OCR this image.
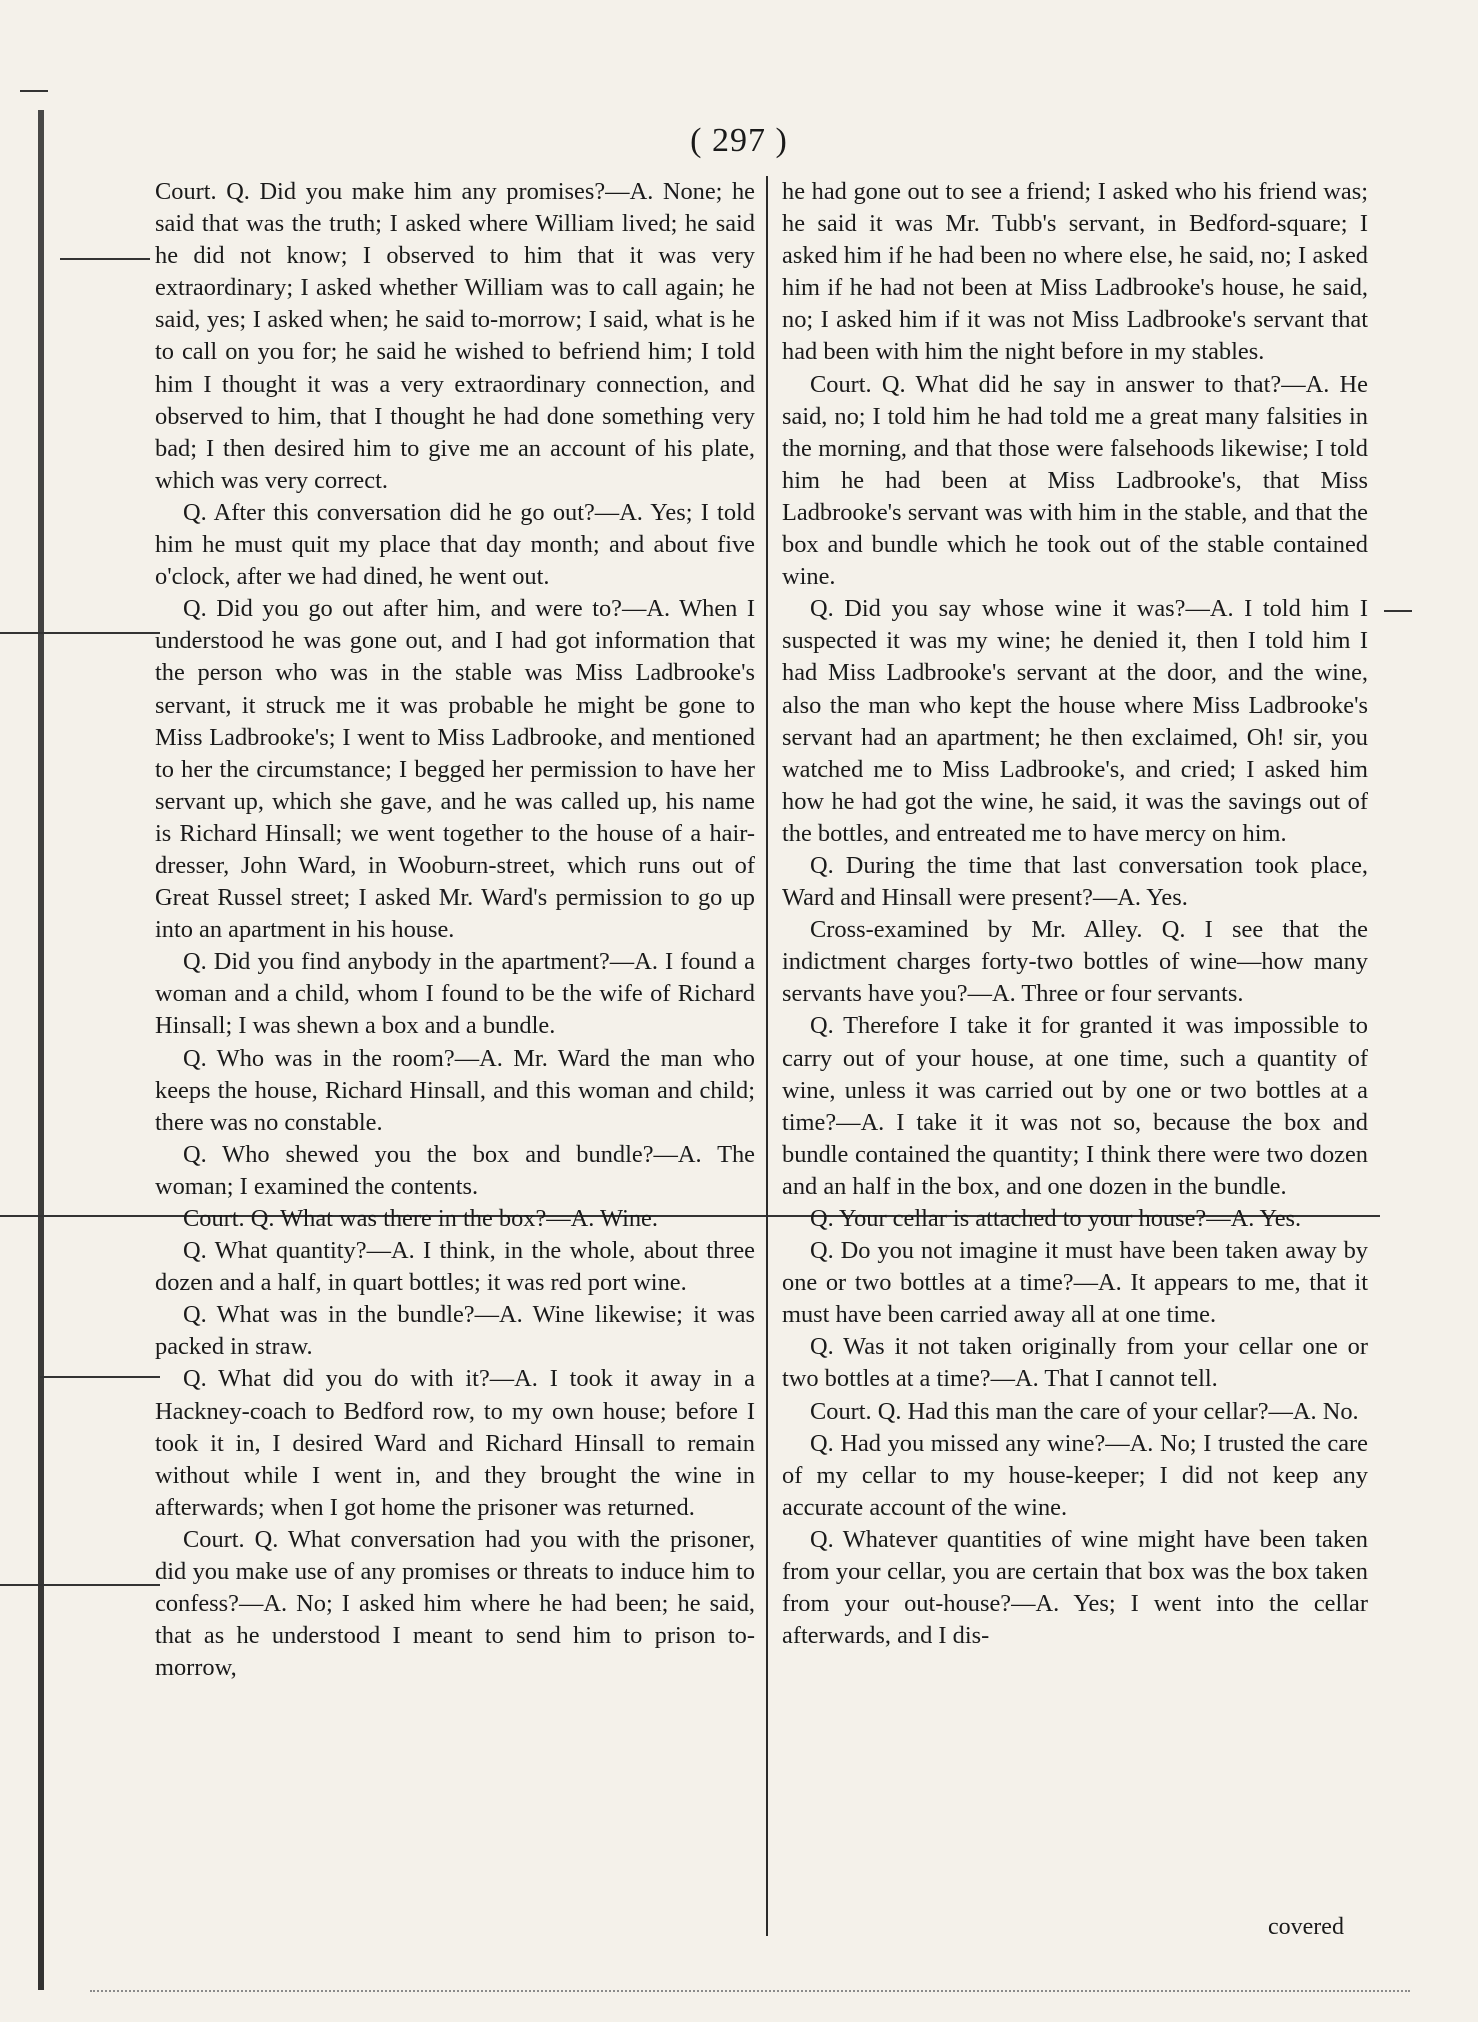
( 297 )

Court. Q. Did you make him any promises?—A. None; he said that was the truth; I asked where William lived; he said he did not know; I observed to him that it was very extraordinary; I asked whether William was to call again; he said, yes; I asked when; he said to-morrow; I said, what is he to call on you for; he said he wished to befriend him; I told him I thought it was a very extraordinary connection, and observed to him, that I thought he had done something very bad; I then desired him to give me an account of his plate, which was very correct.

Q. After this conversation did he go out?—A. Yes; I told him he must quit my place that day month; and about five o'clock, after we had dined, he went out.

Q. Did you go out after him, and were to?—A. When I understood he was gone out, and I had got information that the person who was in the stable was Miss Ladbrooke's servant, it struck me it was probable he might be gone to Miss Ladbrooke's; I went to Miss Ladbrooke, and mentioned to her the circumstance; I begged her permission to have her servant up, which she gave, and he was called up, his name is Richard Hinsall; we went together to the house of a hair-dresser, John Ward, in Wooburn-street, which runs out of Great Russel street; I asked Mr. Ward's permission to go up into an apartment in his house.

Q. Did you find anybody in the apartment?—A. I found a woman and a child, whom I found to be the wife of Richard Hinsall; I was shewn a box and a bundle.

Q. Who was in the room?—A. Mr. Ward the man who keeps the house, Richard Hinsall, and this woman and child; there was no constable.

Q. Who shewed you the box and bundle?—A. The woman; I examined the contents.

Court. Q. What was there in the box?—A. Wine.

Q. What quantity?—A. I think, in the whole, about three dozen and a half, in quart bottles; it was red port wine.

Q. What was in the bundle?—A. Wine likewise; it was packed in straw.

Q. What did you do with it?—A. I took it away in a Hackney-coach to Bedford row, to my own house; before I took it in, I desired Ward and Richard Hinsall to remain without while I went in, and they brought the wine in afterwards; when I got home the prisoner was returned.

Court. Q. What conversation had you with the prisoner, did you make use of any promises or threats to induce him to confess?—A. No; I asked him where he had been; he said, that as he understood I meant to send him to prison to-morrow,

he had gone out to see a friend; I asked who his friend was; he said it was Mr. Tubb's servant, in Bedford-square; I asked him if he had been no where else, he said, no; I asked him if he had not been at Miss Ladbrooke's house, he said, no; I asked him if it was not Miss Ladbrooke's servant that had been with him the night before in my stables.

Court. Q. What did he say in answer to that?—A. He said, no; I told him he had told me a great many falsities in the morning, and that those were falsehoods likewise; I told him he had been at Miss Ladbrooke's, that Miss Ladbrooke's servant was with him in the stable, and that the box and bundle which he took out of the stable contained wine.

Q. Did you say whose wine it was?—A. I told him I suspected it was my wine; he denied it, then I told him I had Miss Ladbrooke's servant at the door, and the wine, also the man who kept the house where Miss Ladbrooke's servant had an apartment; he then exclaimed, Oh! sir, you watched me to Miss Ladbrooke's, and cried; I asked him how he had got the wine, he said, it was the savings out of the bottles, and entreated me to have mercy on him.

Q. During the time that last conversation took place, Ward and Hinsall were present?—A. Yes.

Cross-examined by Mr. Alley. Q. I see that the indictment charges forty-two bottles of wine—how many servants have you?—A. Three or four servants.

Q. Therefore I take it for granted it was impossible to carry out of your house, at one time, such a quantity of wine, unless it was carried out by one or two bottles at a time?—A. I take it it was not so, because the box and bundle contained the quantity; I think there were two dozen and an half in the box, and one dozen in the bundle.

Q. Your cellar is attached to your house?—A. Yes.

Q. Do you not imagine it must have been taken away by one or two bottles at a time?—A. It appears to me, that it must have been carried away all at one time.

Q. Was it not taken originally from your cellar one or two bottles at a time?—A. That I cannot tell.

Court. Q. Had this man the care of your cellar?—A. No.

Q. Had you missed any wine?—A. No; I trusted the care of my cellar to my house-keeper; I did not keep any accurate account of the wine.

Q. Whatever quantities of wine might have been taken from your cellar, you are certain that box was the box taken from your out-house?—A. Yes; I went into the cellar afterwards, and I dis-

covered
